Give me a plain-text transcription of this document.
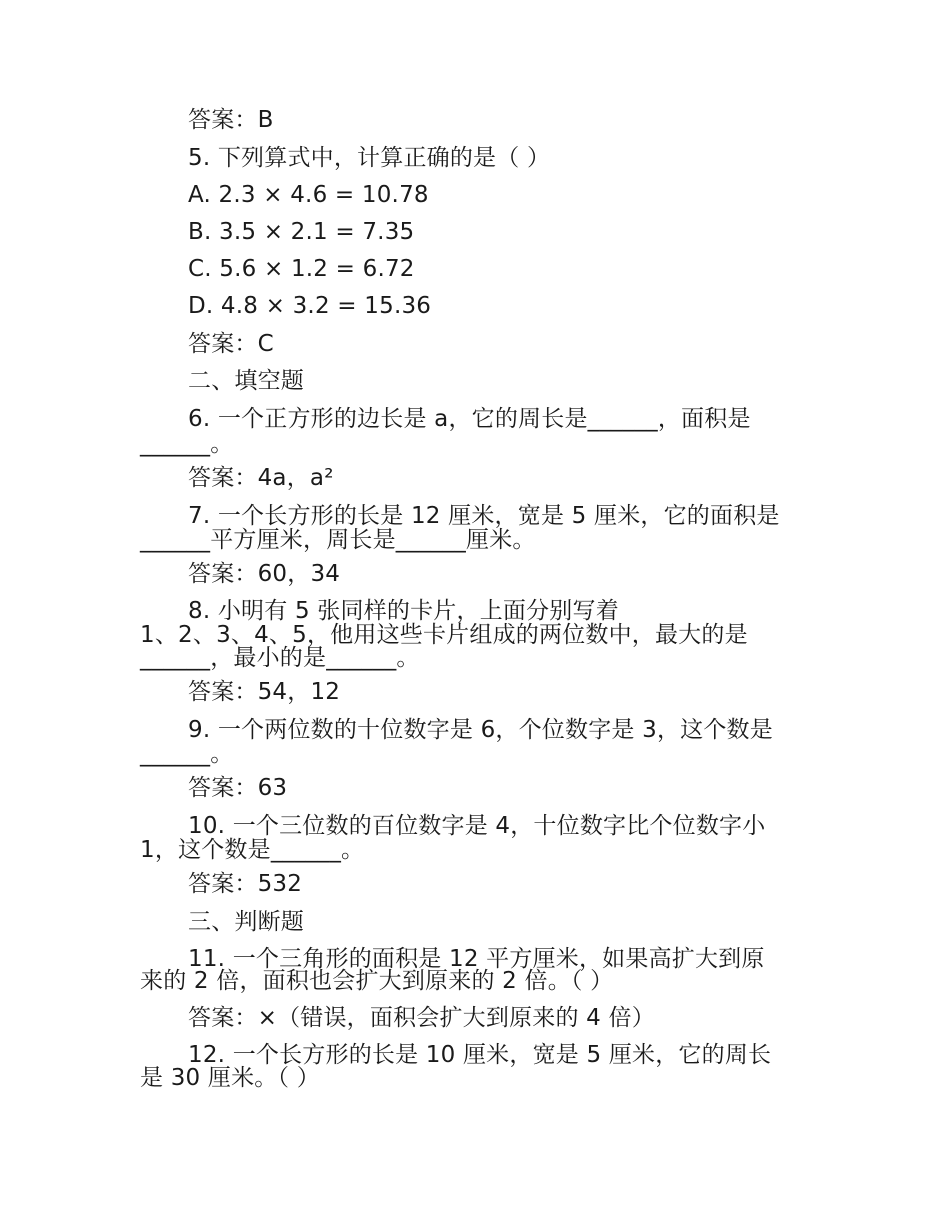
答案：B
5. 下列算式中，计算正确的是（ ）
A. 2.3 × 4.6 = 10.78
B. 3.5 × 2.1 = 7.35
C. 5.6 × 1.2 = 6.72
D. 4.8 × 3.2 = 15.36
答案：C
二、填空题
6. 一个正方形的边长是 a，它的周长是______，面积是
______。
答案：4a，a²
7. 一个长方形的长是 12 厘米，宽是 5 厘米，它的面积是
______平方厘米，周长是______厘米。
答案：60，34
8. 小明有 5 张同样的卡片，上面分别写着
1、2、3、4、5，他用这些卡片组成的两位数中，最大的是
______，最小的是______。
答案：54，12
9. 一个两位数的十位数字是 6，个位数字是 3，这个数是
______。
答案：63
10. 一个三位数的百位数字是 4，十位数字比个位数字小
1，这个数是______。
答案：532
三、判断题
11. 一个三角形的面积是 12 平方厘米，如果高扩大到原
来的 2 倍，面积也会扩大到原来的 2 倍。（ ）
答案：×（错误，面积会扩大到原来的 4 倍）
12. 一个长方形的长是 10 厘米，宽是 5 厘米，它的周长
是 30 厘米。（ ）
